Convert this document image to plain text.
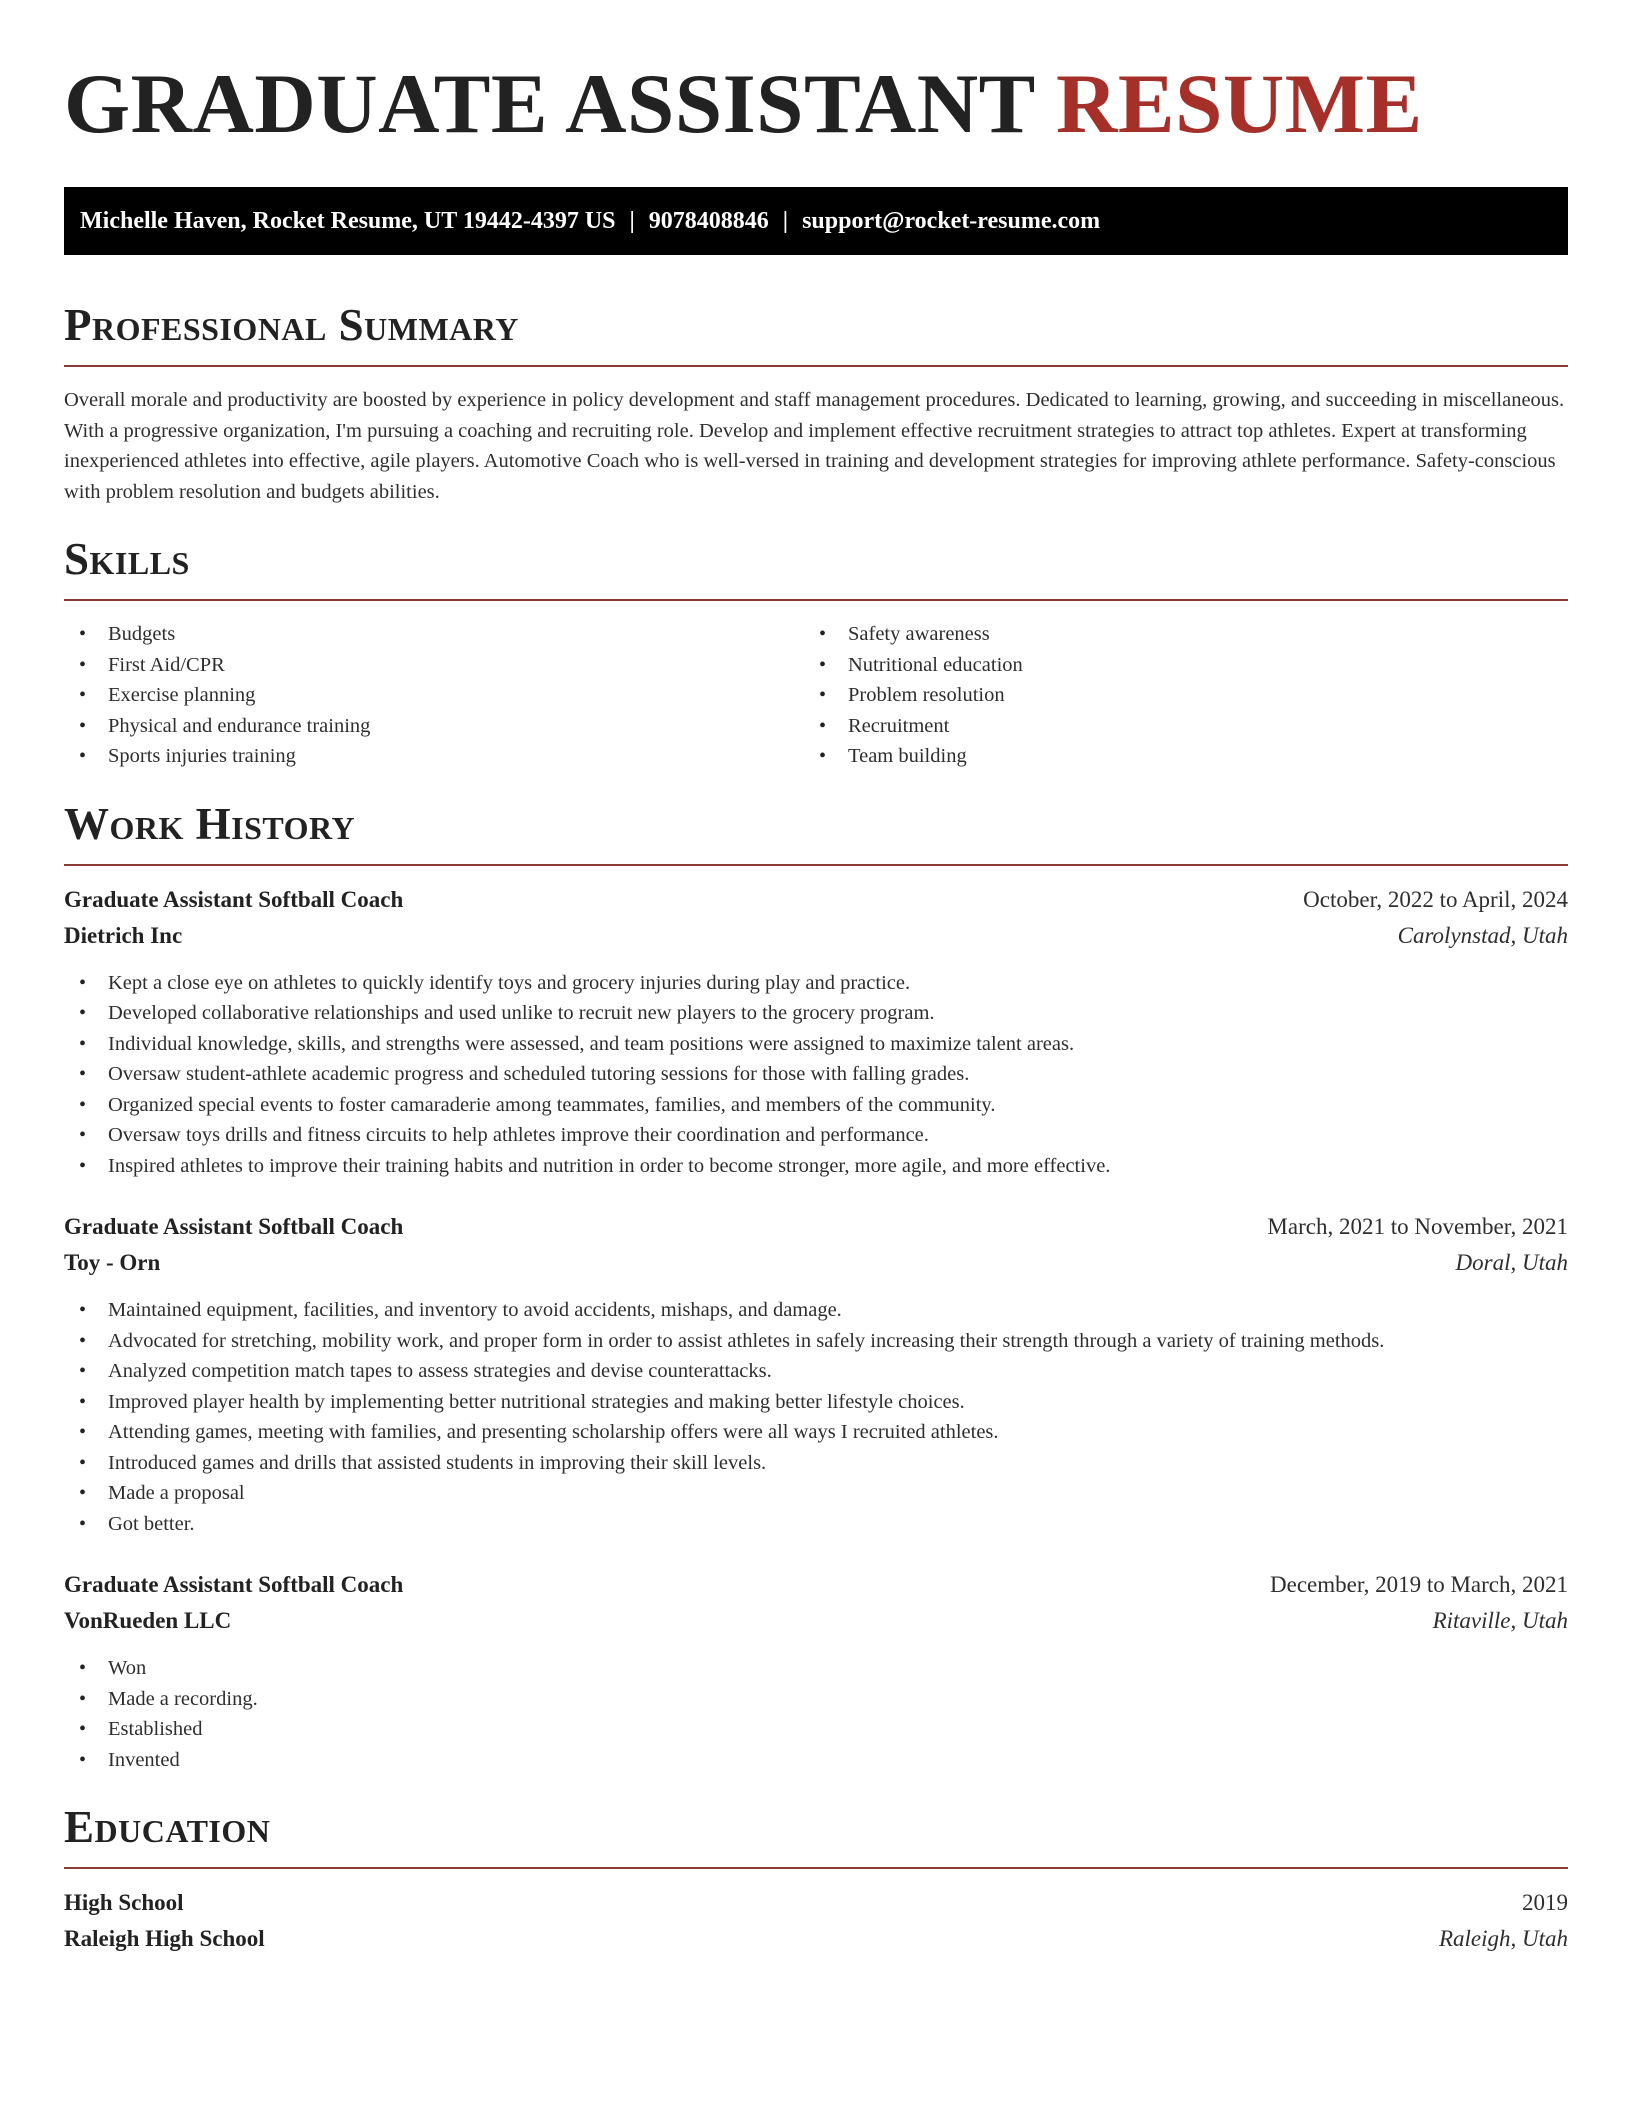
GRADUATE ASSISTANT RESUME
Michelle Haven, Rocket Resume, UT 19442-4397 US | 9078408846 | support@rocket-resume.com
Professional Summary

Overall morale and productivity are boosted by experience in policy development and staff management procedures. Dedicated to learning, growing, and succeeding in miscellaneous. With a progressive organization, I'm pursuing a coaching and recruiting role. Develop and implement effective recruitment strategies to attract top athletes. Expert at transforming inexperienced athletes into effective, agile players. Automotive Coach who is well-versed in training and development strategies for improving athlete performance. Safety-conscious with problem resolution and budgets abilities.

Skills
• Budgets
• First Aid/CPR
• Exercise planning
• Physical and endurance training
• Sports injuries training
• Safety awareness
• Nutritional education
• Problem resolution
• Recruitment
• Team building
Work History
Graduate Assistant Softball Coach	October, 2022 to April, 2024
Dietrich Inc	Carolynstad, Utah
• Kept a close eye on athletes to quickly identify toys and grocery injuries during play and practice.
• Developed collaborative relationships and used unlike to recruit new players to the grocery program.
• Individual knowledge, skills, and strengths were assessed, and team positions were assigned to maximize talent areas.
• Oversaw student-athlete academic progress and scheduled tutoring sessions for those with falling grades.
• Organized special events to foster camaraderie among teammates, families, and members of the community.
• Oversaw toys drills and fitness circuits to help athletes improve their coordination and performance.
• Inspired athletes to improve their training habits and nutrition in order to become stronger, more agile, and more effective.
Graduate Assistant Softball Coach	March, 2021 to November, 2021
Toy - Orn	Doral, Utah
• Maintained equipment, facilities, and inventory to avoid accidents, mishaps, and damage.
• Advocated for stretching, mobility work, and proper form in order to assist athletes in safely increasing their strength through a variety of training methods.
• Analyzed competition match tapes to assess strategies and devise counterattacks.
• Improved player health by implementing better nutritional strategies and making better lifestyle choices.
• Attending games, meeting with families, and presenting scholarship offers were all ways I recruited athletes.
• Introduced games and drills that assisted students in improving their skill levels.
• Made a proposal
• Got better.
Graduate Assistant Softball Coach	December, 2019 to March, 2021
VonRueden LLC	Ritaville, Utah
• Won
• Made a recording.
• Established
• Invented
Education
High School	2019
Raleigh High School	Raleigh, Utah
